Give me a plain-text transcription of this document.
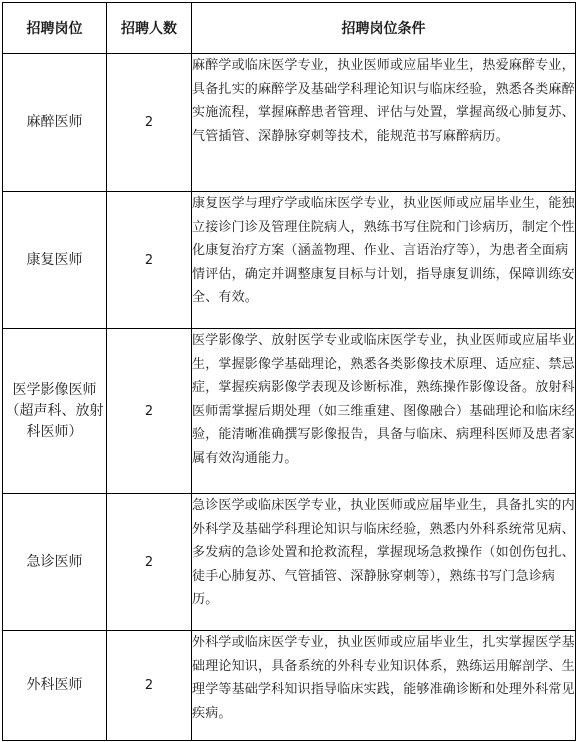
招聘岗位	招聘人数	招聘岗位条件
麻醉医师	2	麻醉学或临床医学专业，执业医师或应届毕业生，热爱麻醉专业，具备扎实的麻醉学及基础学科理论知识与临床经验，熟悉各类麻醉实施流程，掌握麻醉患者管理、评估与处置，掌握高级心肺复苏、气管插管、深静脉穿刺等技术，能规范书写麻醉病历。
康复医师	2	康复医学与理疗学或临床医学专业，执业医师或应届毕业生，能独立接诊门诊及管理住院病人，熟练书写住院和门诊病历，制定个性化康复治疗方案（涵盖物理、作业、言语治疗等），为患者全面病情评估，确定并调整康复目标与计划，指导康复训练，保障训练安全、有效。
医学影像医师（超声科、放射科医师）	2	医学影像学、放射医学专业或临床医学专业，执业医师或应届毕业生，掌握影像学基础理论，熟悉各类影像技术原理、适应症、禁忌症，掌握疾病影像学表现及诊断标准，熟练操作影像设备。放射科医师需掌握后期处理（如三维重建、图像融合）基础理论和临床经验，能清晰准确撰写影像报告，具备与临床、病理科医师及患者家属有效沟通能力。
急诊医师	2	急诊医学或临床医学专业，执业医师或应届毕业生，具备扎实的内外科学及基础学科理论知识与临床经验，熟悉内外科系统常见病、多发病的急诊处置和抢救流程，掌握现场急救操作（如创伤包扎、徒手心肺复苏、气管插管、深静脉穿刺等），熟练书写门急诊病历。
外科医师	2	外科学或临床医学专业，执业医师或应届毕业生，扎实掌握医学基础理论知识，具备系统的外科专业知识体系，熟练运用解剖学、生理学等基础学科知识指导临床实践，能够准确诊断和处理外科常见疾病。
